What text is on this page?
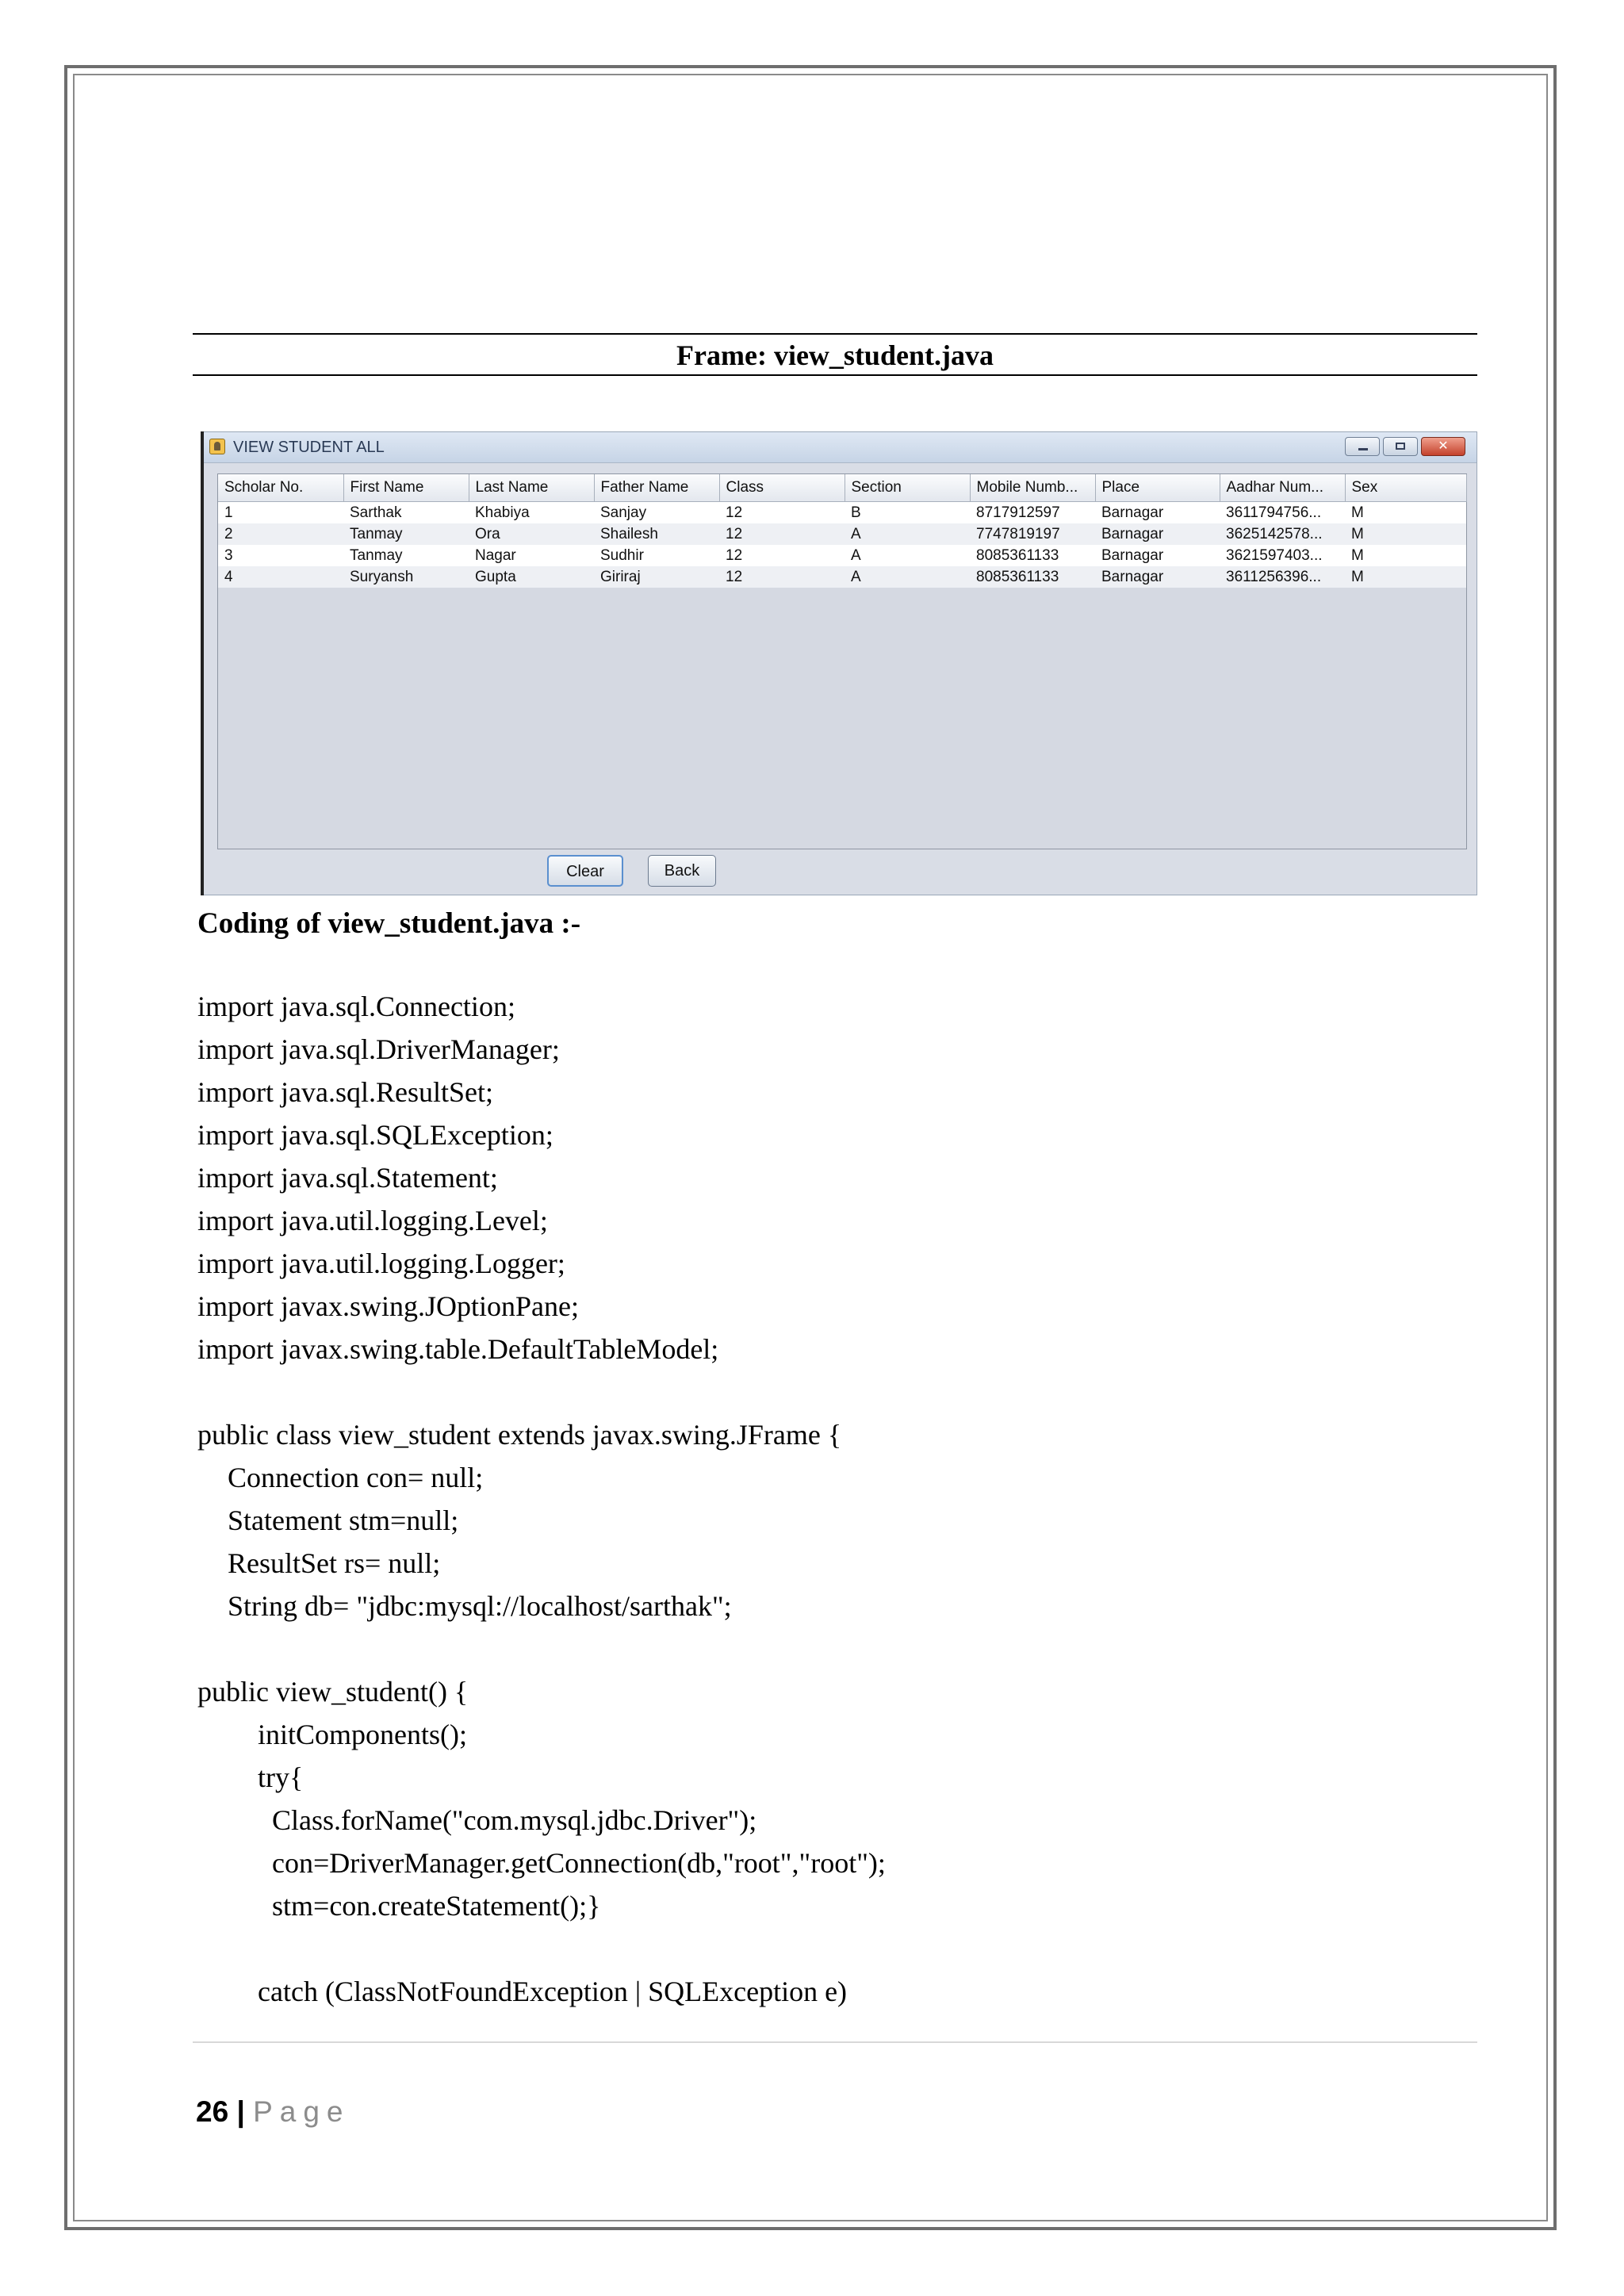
Frame: view_student.java
VIEW STUDENT ALL
✕
Scholar No.	First Name	Last Name	Father Name	Class	Section	Mobile Numb...	Place	Aadhar Num...	Sex
1	Sarthak	Khabiya	Sanjay	12	B	8717912597	Barnagar	3611794756...	M
2	Tanmay	Ora	Shailesh	12	A	7747819197	Barnagar	3625142578...	M
3	Tanmay	Nagar	Sudhir	12	A	8085361133	Barnagar	3621597403...	M
4	Suryansh	Gupta	Giriraj	12	A	8085361133	Barnagar	3611256396...	M
Clear	Back
Coding of view_student.java :-
import java.sql.Connection;
import java.sql.DriverManager;
import java.sql.ResultSet;
import java.sql.SQLException;
import java.sql.Statement;
import java.util.logging.Level;
import java.util.logging.Logger;
import javax.swing.JOptionPane;
import javax.swing.table.DefaultTableModel;
public class view_student extends javax.swing.JFrame {
Connection con= null;
Statement stm=null;
ResultSet rs= null;
String db= "jdbc:mysql://localhost/sarthak";
public view_student() {
initComponents();
try{
Class.forName("com.mysql.jdbc.Driver");
con=DriverManager.getConnection(db,"root","root");
stm=con.createStatement();}
catch (ClassNotFoundException | SQLException e)
26 | Page
